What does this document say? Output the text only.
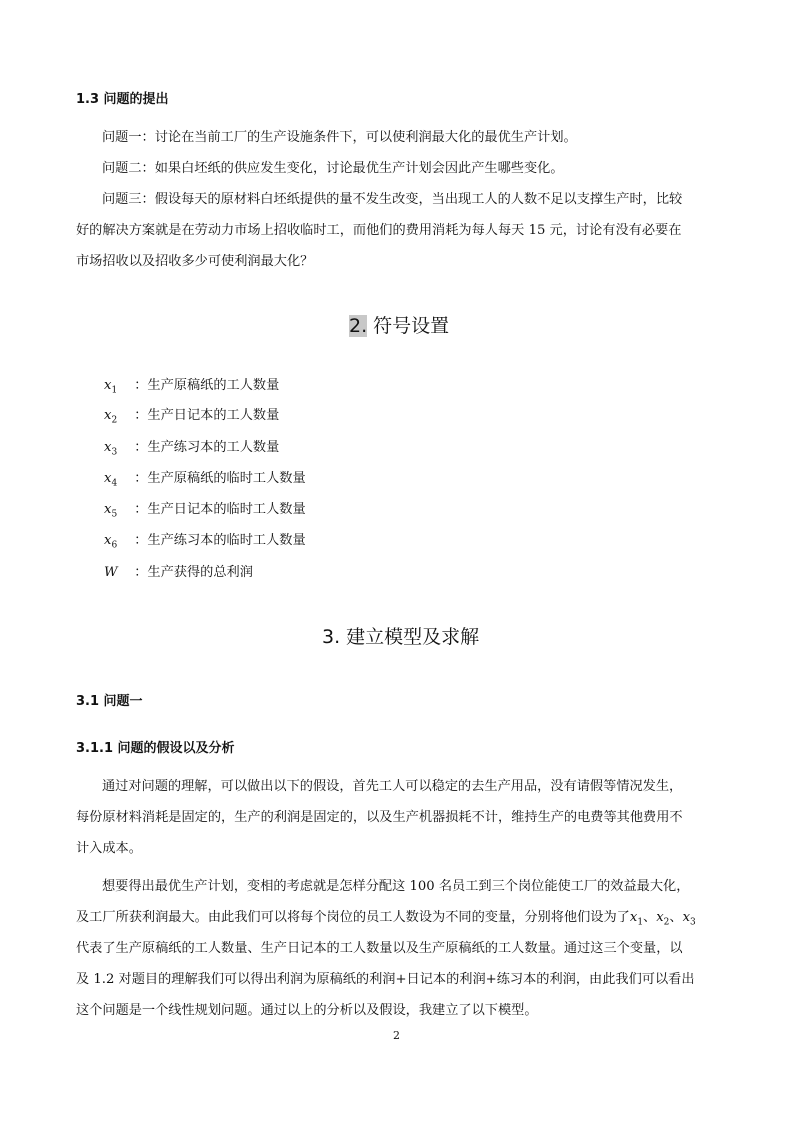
1.3 问题的提出
问题一：讨论在当前工厂的生产设施条件下，可以使利润最大化的最优生产计划。
问题二：如果白坯纸的供应发生变化，讨论最优生产计划会因此产生哪些变化。
问题三：假设每天的原材料白坯纸提供的量不发生改变，当出现工人的人数不足以支撑生产时，比较
好的解决方案就是在劳动力市场上招收临时工，而他们的费用消耗为每人每天 15 元，讨论有没有必要在
市场招收以及招收多少可使利润最大化？
2. 符号设置
$x_1$ ：生产原稿纸的工人数量
$x_2$ ：生产日记本的工人数量
$x_3$ ：生产练习本的工人数量
$x_4$ ：生产原稿纸的临时工人数量
$x_5$ ：生产日记本的临时工人数量
$x_6$ ：生产练习本的临时工人数量
W ：生产获得的总利润
3. 建立模型及求解
3.1 问题一
3.1.1 问题的假设以及分析
通过对问题的理解，可以做出以下的假设，首先工人可以稳定的去生产用品，没有请假等情况发生，
每份原材料消耗是固定的，生产的利润是固定的，以及生产机器损耗不计，维持生产的电费等其他费用不
计入成本。
想要得出最优生产计划，变相的考虑就是怎样分配这 100 名员工到三个岗位能使工厂的效益最大化，
及工厂所获利润最大。由此我们可以将每个岗位的员工人数设为不同的变量，分别将他们设为了$x_1$、$x_2$、$x_3$
代表了生产原稿纸的工人数量、生产日记本的工人数量以及生产原稿纸的工人数量。通过这三个变量，以
及 1.2 对题目的理解我们可以得出利润为原稿纸的利润+日记本的利润+练习本的利润，由此我们可以看出
这个问题是一个线性规划问题。通过以上的分析以及假设，我建立了以下模型。
2
